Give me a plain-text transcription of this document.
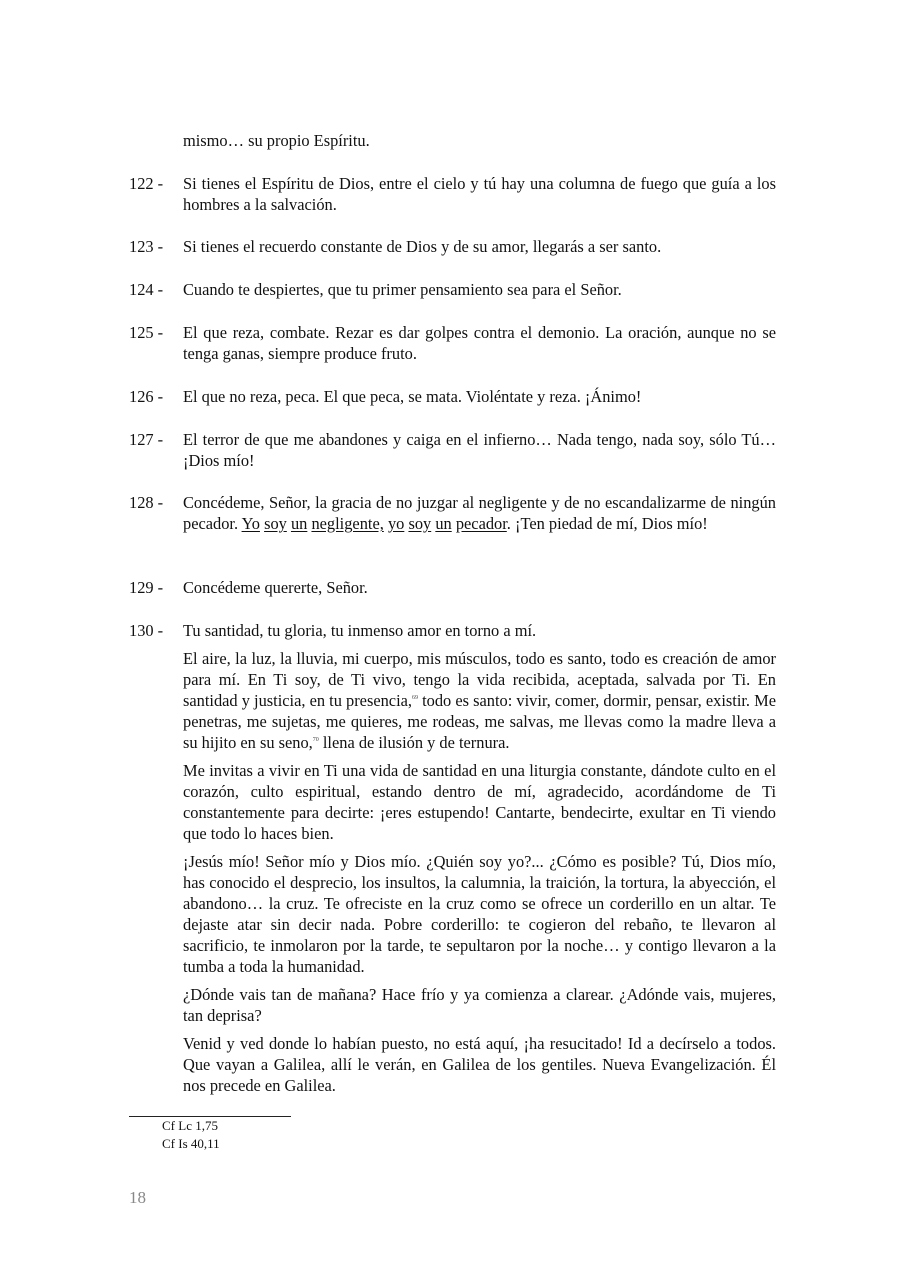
mismo… su propio Espíritu.

122 -	Si tienes el Espíritu de Dios, entre el cielo y tú hay una columna de fuego que guía a los hombres a la salvación.

123 -	Si tienes el recuerdo constante de Dios y de su amor, llegarás a ser santo.

124 -	Cuando te despiertes, que tu primer pensamiento sea para el Señor.

125 -	El que reza, combate. Rezar es dar golpes contra el demonio. La oración, aunque no se tenga ganas, siempre produce fruto.

126 -	El que no reza, peca. El que peca, se mata. Violéntate y reza. ¡Ánimo!

127 -	El terror de que me abandones y caiga en el infierno… Nada tengo, nada soy, sólo Tú… ¡Dios mío!

128 -	Concédeme, Señor, la gracia de no juzgar al negligente y de no escandalizarme de ningún pecador. Yo soy un negligente, yo soy un pecador. ¡Ten piedad de mí, Dios mío!

129 -	Concédeme quererte, Señor.

130 -	Tu santidad, tu gloria, tu inmenso amor en torno a mí.

El aire, la luz, la lluvia, mi cuerpo, mis músculos, todo es santo, todo es creación de amor para mí. En Ti soy, de Ti vivo, tengo la vida recibida, aceptada, salvada por Ti. En santidad y justicia, en tu presencia,$^{69}$ todo es santo: vivir, comer, dormir, pensar, existir. Me penetras, me sujetas, me quieres, me rodeas, me salvas, me llevas como la madre lleva a su hijito en su seno,$^{70}$ llena de ilusión y de ternura.

Me invitas a vivir en Ti una vida de santidad en una liturgia constante, dándote culto en el corazón, culto espiritual, estando dentro de mí, agradecido, acordándome de Ti constantemente para decirte: ¡eres estupendo! Cantarte, bendecirte, exultar en Ti viendo que todo lo haces bien.

¡Jesús mío! Señor mío y Dios mío. ¿Quién soy yo?... ¿Cómo es posible? Tú, Dios mío, has conocido el desprecio, los insultos, la calumnia, la traición, la tortura, la abyección, el abandono… la cruz. Te ofreciste en la cruz como se ofrece un corderillo en un altar. Te dejaste atar sin decir nada. Pobre corderillo: te cogieron del rebaño, te llevaron al sacrificio, te inmolaron por la tarde, te sepultaron por la noche… y contigo llevaron a la tumba a toda la humanidad.

¿Dónde vais tan de mañana? Hace frío y ya comienza a clarear. ¿Adónde vais, mujeres, tan deprisa?

Venid y ved donde lo habían puesto, no está aquí, ¡ha resucitado! Id a decírselo a todos. Que vayan a Galilea, allí le verán, en Galilea de los gentiles. Nueva Evangelización. Él nos precede en Galilea.

Cf Lc 1,75
Cf Is 40,11
18
